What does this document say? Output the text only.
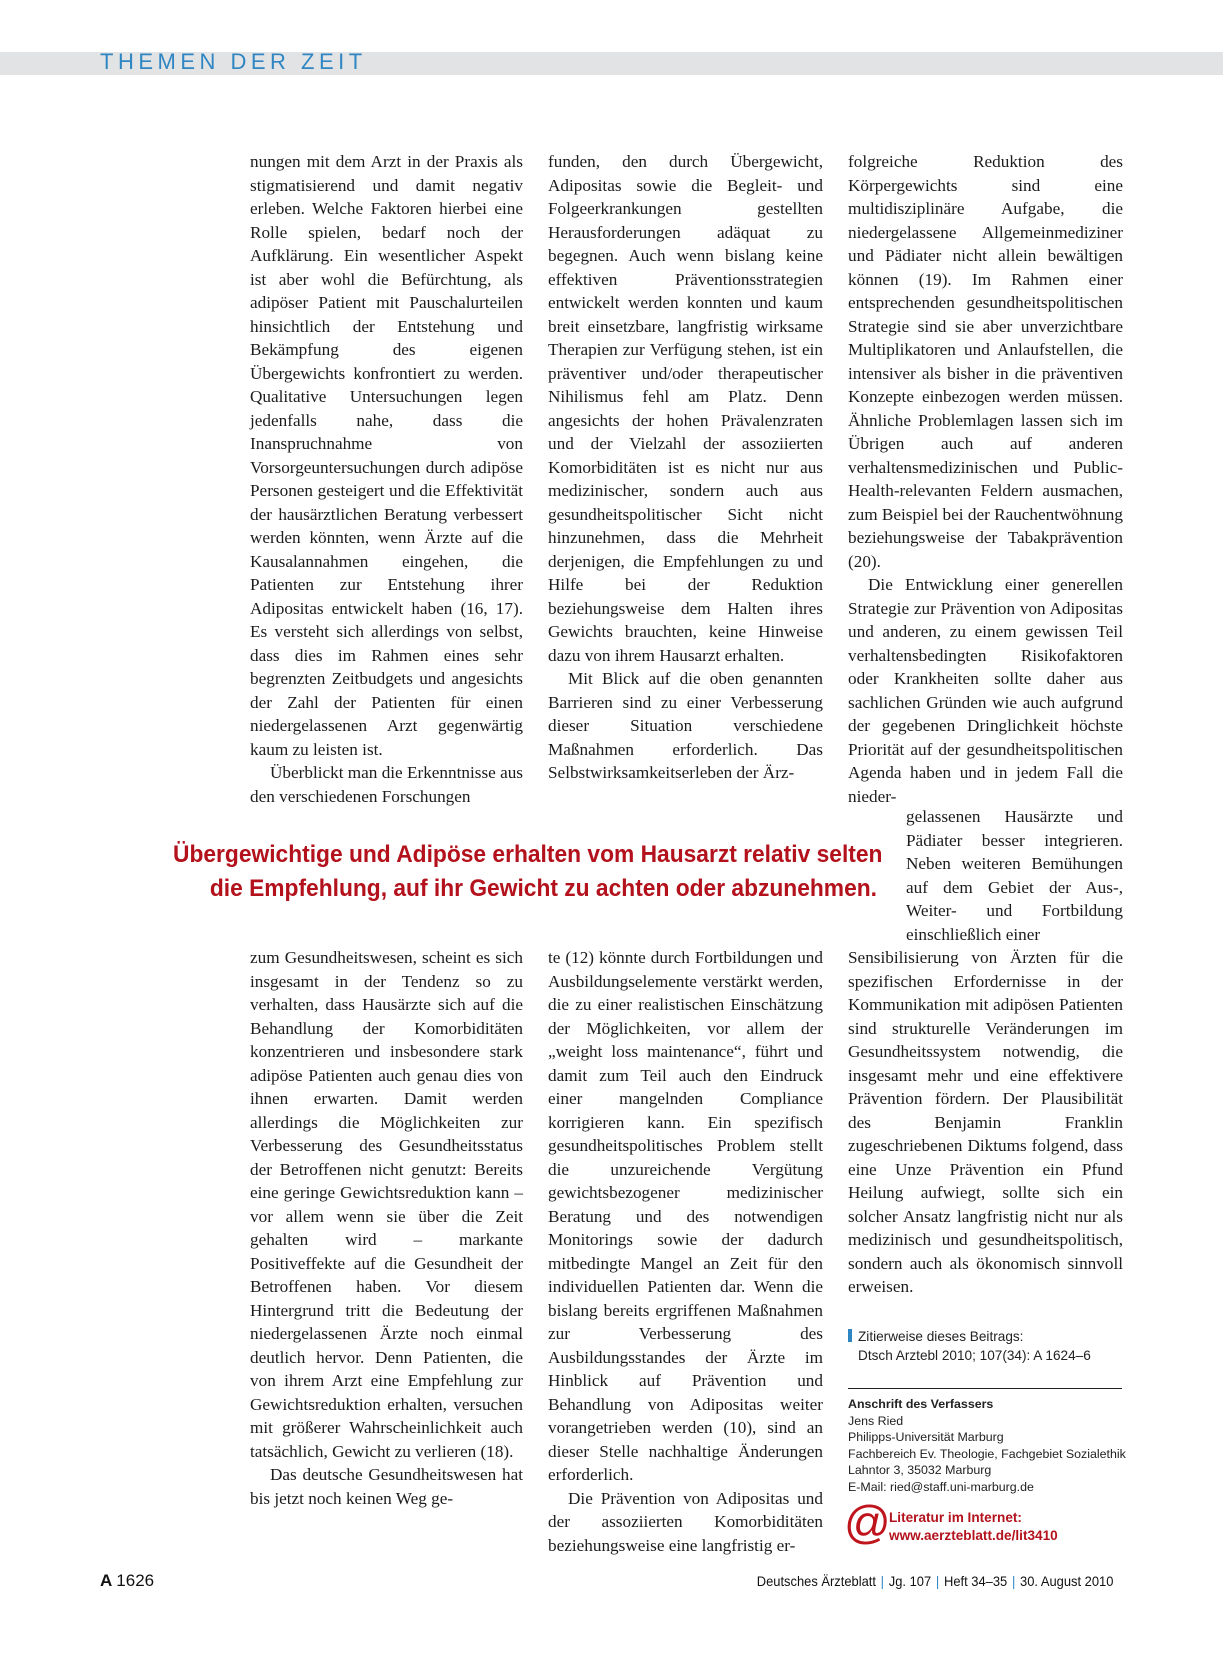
THEMEN DER ZEIT

nungen mit dem Arzt in der Praxis als stigmatisierend und damit negativ erleben. Welche Faktoren hierbei eine Rolle spielen, bedarf noch der Aufklärung. Ein wesentlicher Aspekt ist aber wohl die Befürchtung, als adipöser Patient mit Pauschalurteilen hinsichtlich der Entstehung und Bekämpfung des eigenen Übergewichts konfrontiert zu werden. Qualitative Untersuchungen legen jedenfalls nahe, dass die Inanspruchnahme von Vorsorgeuntersuchungen durch adipöse Personen gesteigert und die Effektivität der hausärztlichen Beratung verbessert werden könnten, wenn Ärzte auf die Kausalannahmen eingehen, die Patienten zur Entstehung ihrer Adipositas entwickelt haben (16, 17). Es versteht sich allerdings von selbst, dass dies im Rahmen eines sehr begrenzten Zeitbudgets und angesichts der Zahl der Patienten für einen niedergelassenen Arzt gegenwärtig kaum zu leisten ist.

Überblickt man die Erkenntnisse aus den verschiedenen Forschungen

funden, den durch Übergewicht, Adipositas sowie die Begleit- und Folgeerkrankungen gestellten Herausforderungen adäquat zu begegnen. Auch wenn bislang keine effektiven Präventionsstrategien entwickelt werden konnten und kaum breit einsetzbare, langfristig wirksame Therapien zur Verfügung stehen, ist ein präventiver und/oder therapeutischer Nihilismus fehl am Platz. Denn angesichts der hohen Prävalenzraten und der Vielzahl der assoziierten Komorbiditäten ist es nicht nur aus medizinischer, sondern auch aus gesundheitspolitischer Sicht nicht hinzunehmen, dass die Mehrheit derjenigen, die Empfehlungen zu und Hilfe bei der Reduktion beziehungsweise dem Halten ihres Gewichts brauchten, keine Hinweise dazu von ihrem Hausarzt erhalten.

Mit Blick auf die oben genannten Barrieren sind zu einer Verbesserung dieser Situation verschiedene Maßnahmen erforderlich. Das Selbstwirksamkeitserleben der Ärz-

folgreiche Reduktion des Körpergewichts sind eine multidisziplinäre Aufgabe, die niedergelassene Allgemeinmediziner und Pädiater nicht allein bewältigen können (19). Im Rahmen einer entsprechenden gesundheitspolitischen Strategie sind sie aber unverzichtbare Multiplikatoren und Anlaufstellen, die intensiver als bisher in die präventiven Konzepte einbezogen werden müssen. Ähnliche Problemlagen lassen sich im Übrigen auch auf anderen verhaltensmedizinischen und Public-Health-relevanten Feldern ausmachen, zum Beispiel bei der Rauchentwöhnung beziehungsweise der Tabakprävention (20).

Die Entwicklung einer generellen Strategie zur Prävention von Adipositas und anderen, zu einem gewissen Teil verhaltensbedingten Risikofaktoren oder Krankheiten sollte daher aus sachlichen Gründen wie auch aufgrund der gegebenen Dringlichkeit höchste Priorität auf der gesundheitspolitischen Agenda haben und in jedem Fall die nieder-

gelassenen Hausärzte und Pädiater besser integrieren. Neben weiteren Bemühungen auf dem Gebiet der Aus-, Weiter- und Fortbildung einschließlich einer

Übergewichtige und Adipöse erhalten vom Hausarzt relativ selten
die Empfehlung, auf ihr Gewicht zu achten oder abzunehmen.

zum Gesundheitswesen, scheint es sich insgesamt in der Tendenz so zu verhalten, dass Hausärzte sich auf die Behandlung der Komorbiditäten konzentrieren und insbesondere stark adipöse Patienten auch genau dies von ihnen erwarten. Damit werden allerdings die Möglichkeiten zur Verbesserung des Gesundheitsstatus der Betroffenen nicht genutzt: Bereits eine geringe Gewichtsreduktion kann – vor allem wenn sie über die Zeit gehalten wird – markante Positiveffekte auf die Gesundheit der Betroffenen haben. Vor diesem Hintergrund tritt die Bedeutung der niedergelassenen Ärzte noch einmal deutlich hervor. Denn Patienten, die von ihrem Arzt eine Empfehlung zur Gewichtsreduktion erhalten, versuchen mit größerer Wahrscheinlichkeit auch tatsächlich, Gewicht zu verlieren (18).

Das deutsche Gesundheitswesen hat bis jetzt noch keinen Weg ge-

te (12) könnte durch Fortbildungen und Ausbildungselemente verstärkt werden, die zu einer realistischen Einschätzung der Möglichkeiten, vor allem der „weight loss maintenance“, führt und damit zum Teil auch den Eindruck einer mangelnden Compliance korrigieren kann. Ein spezifisch gesundheitspolitisches Problem stellt die unzureichende Vergütung gewichtsbezogener medizinischer Beratung und des notwendigen Monitorings sowie der dadurch mitbedingte Mangel an Zeit für den individuellen Patienten dar. Wenn die bislang bereits ergriffenen Maßnahmen zur Verbesserung des Ausbildungsstandes der Ärzte im Hinblick auf Prävention und Behandlung von Adipositas weiter vorangetrieben werden (10), sind an dieser Stelle nachhaltige Änderungen erforderlich.

Die Prävention von Adipositas und der assoziierten Komorbiditäten beziehungsweise eine langfristig er-

Sensibilisierung von Ärzten für die spezifischen Erfordernisse in der Kommunikation mit adipösen Patienten sind strukturelle Veränderungen im Gesundheitssystem notwendig, die insgesamt mehr und eine effektivere Prävention fördern. Der Plausibilität des Benjamin Franklin zugeschriebenen Diktums folgend, dass eine Unze Prävention ein Pfund Heilung aufwiegt, sollte sich ein solcher Ansatz langfristig nicht nur als medizinisch und gesundheitspolitisch, sondern auch als ökonomisch sinnvoll erweisen.

Zitierweise dieses Beitrags:
Dtsch Arztebl 2010; 107(34): A 1624–6
Anschrift des Verfassers
Jens Ried
Philipps-Universität Marburg
Fachbereich Ev. Theologie, Fachgebiet Sozialethik
Lahntor 3, 35032 Marburg
E-Mail: ried@staff.uni-marburg.de
@
Literatur im Internet:
www.aerzteblatt.de/lit3410
A 1626	Deutsches Ärzteblatt | Jg. 107 | Heft 34–35 | 30. August 2010
